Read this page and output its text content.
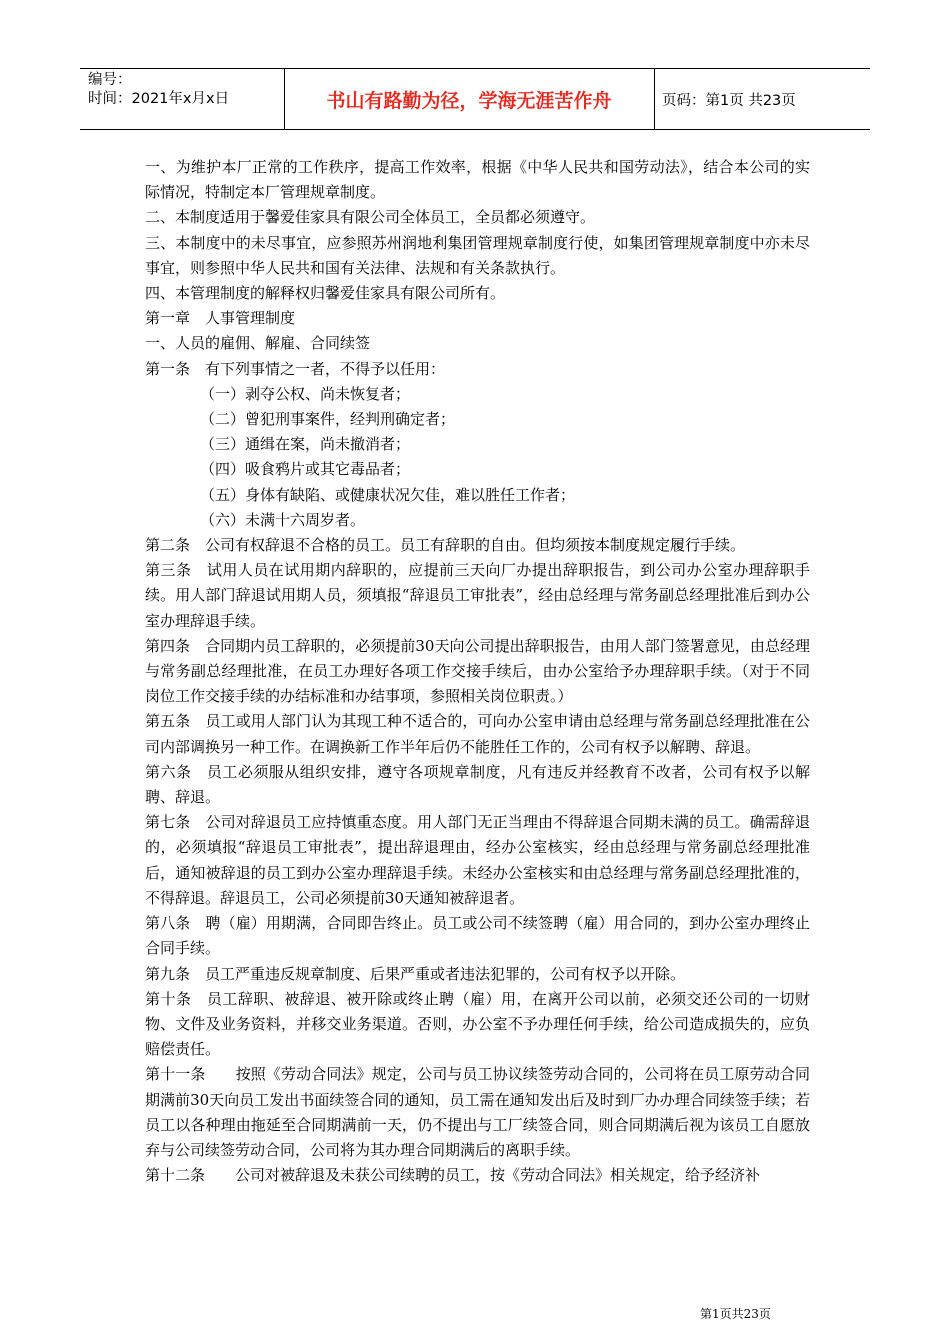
编号：
时间：2021年x月x日	书山有路勤为径，学海无涯苦作舟	页码：第1页 共23页

一、为维护本厂正常的工作秩序，提高工作效率，根据《中华人民共和国劳动法》，结合本公司的实际情况，特制定本厂管理规章制度。

二、本制度适用于馨爱佳家具有限公司全体员工，全员都必须遵守。

三、本制度中的未尽事宜，应参照苏州润地利集团管理规章制度行使，如集团管理规章制度中亦未尽事宜，则参照中华人民共和国有关法律、法规和有关条款执行。

四、本管理制度的解释权归馨爱佳家具有限公司所有。

第一章　人事管理制度

一、人员的雇佣、解雇、合同续签

第一条　有下列事情之一者，不得予以任用：

（一）剥夺公权、尚未恢复者；

（二）曾犯刑事案件，经判刑确定者；

（三）通缉在案，尚未撤消者；

（四）吸食鸦片或其它毒品者；

（五）身体有缺陷、或健康状况欠佳，难以胜任工作者；

（六）未满十六周岁者。

第二条　公司有权辞退不合格的员工。员工有辞职的自由。但均须按本制度规定履行手续。

第三条　试用人员在试用期内辞职的，应提前三天向厂办提出辞职报告，到公司办公室办理辞职手续。用人部门辞退试用期人员，须填报“辞退员工审批表”，经由总经理与常务副总经理批准后到办公室办理辞退手续。

第四条　合同期内员工辞职的，必须提前30天向公司提出辞职报告，由用人部门签署意见，由总经理与常务副总经理批准，在员工办理好各项工作交接手续后，由办公室给予办理辞职手续。（对于不同岗位工作交接手续的办结标准和办结事项，参照相关岗位职责。）

第五条　员工或用人部门认为其现工种不适合的，可向办公室申请由总经理与常务副总经理批准在公司内部调换另一种工作。在调换新工作半年后仍不能胜任工作的，公司有权予以解聘、辞退。

第六条　员工必须服从组织安排，遵守各项规章制度，凡有违反并经教育不改者，公司有权予以解聘、辞退。

第七条　公司对辞退员工应持慎重态度。用人部门无正当理由不得辞退合同期未满的员工。确需辞退的，必须填报“辞退员工审批表”，提出辞退理由，经办公室核实，经由总经理与常务副总经理批准后，通知被辞退的员工到办公室办理辞退手续。未经办公室核实和由总经理与常务副总经理批准的，不得辞退。辞退员工，公司必须提前30天通知被辞退者。

第八条　聘（雇）用期满，合同即告终止。员工或公司不续签聘（雇）用合同的，到办公室办理终止合同手续。

第九条　员工严重违反规章制度、后果严重或者违法犯罪的，公司有权予以开除。

第十条　员工辞职、被辞退、被开除或终止聘（雇）用，在离开公司以前，必须交还公司的一切财物、文件及业务资料，并移交业务渠道。否则，办公室不予办理任何手续，给公司造成损失的，应负赔偿责任。

第十一条　　按照《劳动合同法》规定，公司与员工协议续签劳动合同的，公司将在员工原劳动合同期满前30天向员工发出书面续签合同的通知，员工需在通知发出后及时到厂办办理合同续签手续；若员工以各种理由拖延至合同期满前一天，仍不提出与工厂续签合同，则合同期满后视为该员工自愿放弃与公司续签劳动合同，公司将为其办理合同期满后的离职手续。

第十二条　　公司对被辞退及未获公司续聘的员工，按《劳动合同法》相关规定，给予经济补

第1页共23页
